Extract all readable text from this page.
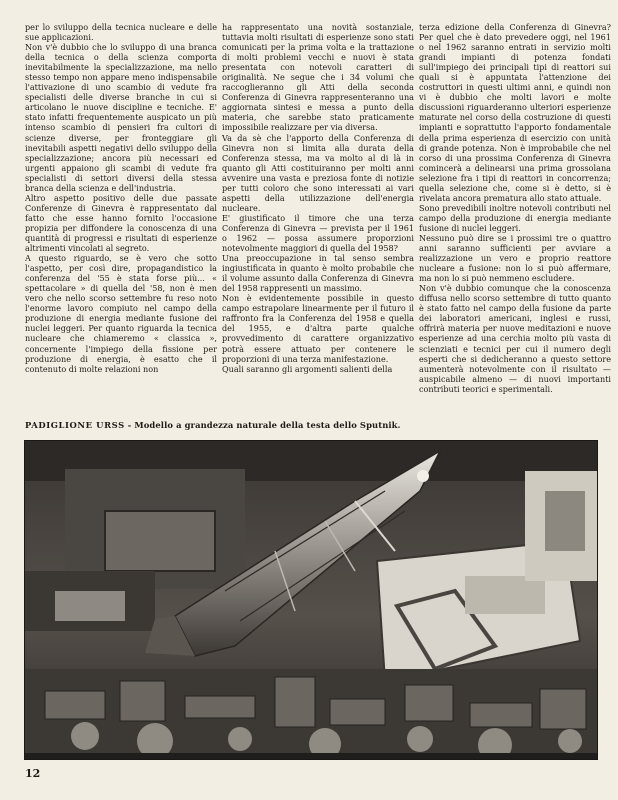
per lo sviluppo della tecnica nucleare e delle sue applicazioni.

Non v'è dubbio che lo sviluppo di una branca della tecnica o della scienza comporta inevitabilmente la specializzazione, ma nello stesso tempo non appare meno indispensabile l'attivazione di uno scambio di vedute fra specialisti delle diverse branche in cui si articolano le nuove discipline e tecniche. E' stato infatti frequentemente auspicato un più intenso scambio di pensieri fra cultori di scienze diverse, per fronteggiare gli inevitabili aspetti negativi dello sviluppo della specializzazione; ancora più necessari ed urgenti appaiono gli scambi di vedute fra specialisti di settori diversi della stessa branca della scienza e dell'industria.

Altro aspetto positivo delle due passate Conferenze di Ginevra è rappresentato dal fatto che esse hanno fornito l'occasione propizia per diffondere la conoscenza di una quantità di progressi e risultati di esperienze altrimenti vincolati al segreto.

A questo riguardo, se è vero che sotto l'aspetto, per così dire, propagandistico la conferenza del '55 è stata forse più... « spettacolare » di quella del '58, non è men vero che nello scorso settembre fu reso noto l'enorme lavoro compiuto nel campo della produzione di energia mediante fusione dei nuclei leggeri. Per quanto riguarda la tecnica nucleare che chiameremo « classica », concernente l'impiego della fissione per produzione di energia, è esatto che il contenuto di molte relazioni non

ha rappresentato una novità sostanziale, tuttavia molti risultati di esperienze sono stati comunicati per la prima volta e la trattazione di molti problemi vecchi e nuovi è stata presentata con notevoli caratteri di originalità. Ne segue che i 34 volumi che raccoglieranno gli Atti della seconda Conferenza di Ginevra rappresenteranno una aggiornata sintesi e messa a punto della materia, che sarebbe stato praticamente impossibile realizzare per via diversa.

Va da sè che l'apporto della Conferenza di Ginevra non si limita alla durata della Conferenza stessa, ma va molto al di là in quanto gli Atti costituiranno per molti anni avvenire una vasta e preziosa fonte di notizie per tutti coloro che sono interessati ai vari aspetti della utilizzazione dell'energia nucleare.

E' giustificato il timore che una terza Conferenza di Ginevra — prevista per il 1961 o 1962 — possa assumere proporzioni notevolmente maggiori di quella del 1958?

Una preoccupazione in tal senso sembra ingiustificata in quanto è molto probabile che il volume assunto dalla Conferenza di Ginevra del 1958 rappresenti un massimo.

Non è evidentemente possibile in questo campo estrapolare linearmente per il futuro il raffronto fra la Conferenza del 1958 e quella del 1955, e d'altra parte qualche provvedimento di carattere organizzativo potrà essere attuato per contenere le proporzioni di una terza manifestazione.

Quali saranno gli argomenti salienti della

terza edizione della Conferenza di Ginevra? Per quel che è dato prevedere oggi, nel 1961 o nel 1962 saranno entrati in servizio molti grandi impianti di potenza fondati sull'impiego dei principali tipi di reattori sui quali si è appuntata l'attenzione dei costruttori in questi ultimi anni, e quindi non vi è dubbio che molti lavori e molte discussioni riguarderanno ulteriori esperienze maturate nel corso della costruzione di questi impianti e soprattutto l'apporto fondamentale della prima esperienza di esercizio con unità di grande potenza. Non è improbabile che nel corso di una prossima Conferenza di Ginevra comincerà a delinearsi una prima grossolana selezione fra i tipi di reattori in concorrenza; quella selezione che, come si è detto, si è rivelata ancora prematura allo stato attuale.

Sono prevedibili inoltre notevoli contributi nel campo della produzione di energia mediante fusione di nuclei leggeri.

Nessuno può dire se i prossimi tre o quattro anni saranno sufficienti per avviare a realizzazione un vero e proprio reattore nucleare a fusione: non lo si può affermare, ma non lo si può nemmeno escludere.

Non v'è dubbio comunque che la conoscenza diffusa nello scorso settembre di tutto quanto è stato fatto nel campo della fusione da parte dei laboratori americani, inglesi e russi, offrirà materia per nuove meditazioni e nuove esperienze ad una cerchia molto più vasta di scienziati e tecnici per cui il numero degli esperti che si dedicheranno a questo settore aumenterà notevolmente con il risultato — auspicabile almeno — di nuovi importanti contributi teorici e sperimentali.

PADIGLIONE URSS - Modello a grandezza naturale della testa dello Sputnik.
12
